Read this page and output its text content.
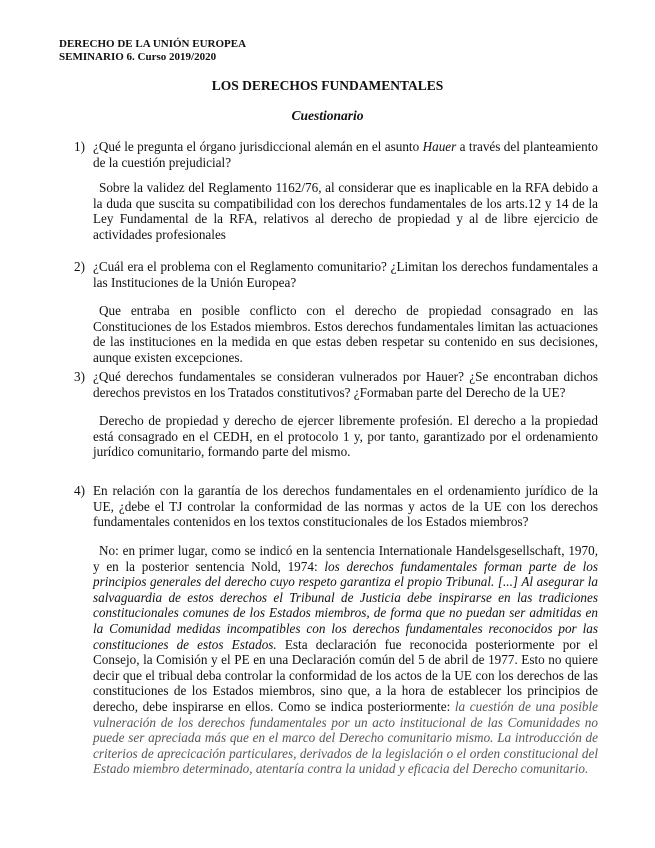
DERECHO DE LA UNIÓN EUROPEA
SEMINARIO 6. Curso 2019/2020
LOS DERECHOS FUNDAMENTALES
Cuestionario
1) ¿Qué le pregunta el órgano jurisdiccional alemán en el asunto Hauer a través del planteamiento de la cuestión prejudicial?
Sobre la validez del Reglamento 1162/76, al considerar que es inaplicable en la RFA debido a la duda que suscita su compatibilidad con los derechos fundamentales de los arts.12 y 14 de la Ley Fundamental de la RFA, relativos al derecho de propiedad y al de libre ejercicio de actividades profesionales
2) ¿Cuál era el problema con el Reglamento comunitario? ¿Limitan los derechos fundamentales a las Instituciones de la Unión Europea?
Que entraba en posible conflicto con el derecho de propiedad consagrado en las Constituciones de los Estados miembros. Estos derechos fundamentales limitan las actuaciones de las instituciones en la medida en que estas deben respetar su contenido en sus decisiones, aunque existen excepciones.
3) ¿Qué derechos fundamentales se consideran vulnerados por Hauer? ¿Se encontraban dichos derechos previstos en los Tratados constitutivos? ¿Formaban parte del Derecho de la UE?
Derecho de propiedad y derecho de ejercer libremente profesión. El derecho a la propiedad está consagrado en el CEDH, en el protocolo 1 y, por tanto, garantizado por el ordenamiento jurídico comunitario, formando parte del mismo.
4) En relación con la garantía de los derechos fundamentales en el ordenamiento jurídico de la UE, ¿debe el TJ controlar la conformidad de las normas y actos de la UE con los derechos fundamentales contenidos en los textos constitucionales de los Estados miembros?
No: en primer lugar, como se indicó en la sentencia Internationale Handelsgesellschaft, 1970, y en la posterior sentencia Nold, 1974: los derechos fundamentales forman parte de los principios generales del derecho cuyo respeto garantiza el propio Tribunal. [...] Al asegurar la salvaguardia de estos derechos el Tribunal de Justicia debe inspirarse en las tradiciones constitucionales comunes de los Estados miembros, de forma que no puedan ser admitidas en la Comunidad medidas incompatibles con los derechos fundamentales reconocidos por las constituciones de estos Estados. Esta declaración fue reconocida posteriormente por el Consejo, la Comisión y el PE en una Declaración común del 5 de abril de 1977. Esto no quiere decir que el tribual deba controlar la conformidad de los actos de la UE con los derechos de las constituciones de los Estados miembros, sino que, a la hora de establecer los principios de derecho, debe inspirarse en ellos. Como se indica posteriormente: la cuestión de una posible vulneración de los derechos fundamentales por un acto institucional de las Comunidades no puede ser apreciada más que en el marco del Derecho comunitario mismo. La introducción de criterios de aprecicación particulares, derivados de la legislación o el orden constitucional del Estado miembro determinado, atentaría contra la unidad y eficacia del Derecho comunitario.
